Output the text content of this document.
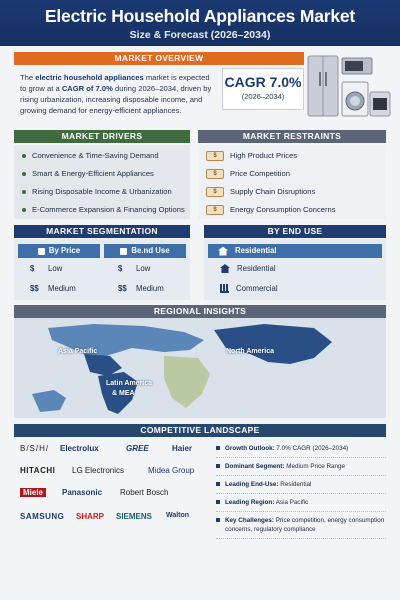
Electric Household Appliances Market
Size & Forecast (2026–2034)
MARKET OVERVIEW

The electric household appliances market is expected to grow at a CAGR of 7.0% during 2026–2034, driven by rising urbanization, increasing disposable income, and growing demand for energy-efficient appliances.

CAGR 7.0%
(2026–2034)
MARKET DRIVERS	MARKET RESTRAINTS
Convenience & Time-Saving Demand
Smart & Energy-Efficient Appliances
Rising Disposable Income & Urbanization
E-Commerce Expansion & Financing Options
$	High Product Prices
$	Price Competition
$	Supply Chain Disruptions
$	Energy Consumption Concerns
MARKET SEGMENTATION	BY END USE
By Price	Be.nd Use
$	Low
$$	Medium
$	Low
$$	Medium
Residential
Residential
Commercial
REGIONAL INSIGHTS
Asia Pacific	North America
Latin America
& MEA
COMPETITIVE LANDSCAPE
B/S/H/ Electrolux	GREE	Haier
HITACHI LG Electronics	Midea Group
Miele	Panasonic Robert Bosch
SAMSUNG SHARP SIEMENS Walton
Growth Outlook: 7.0% CAGR (2026–2034)
Dominant Segment: Medium Price Range
Leading End-Use: Residential
Leading Region: Asia Pacific
Key Challenges: Price competition, energy consumption concerns, regulatory compliance
